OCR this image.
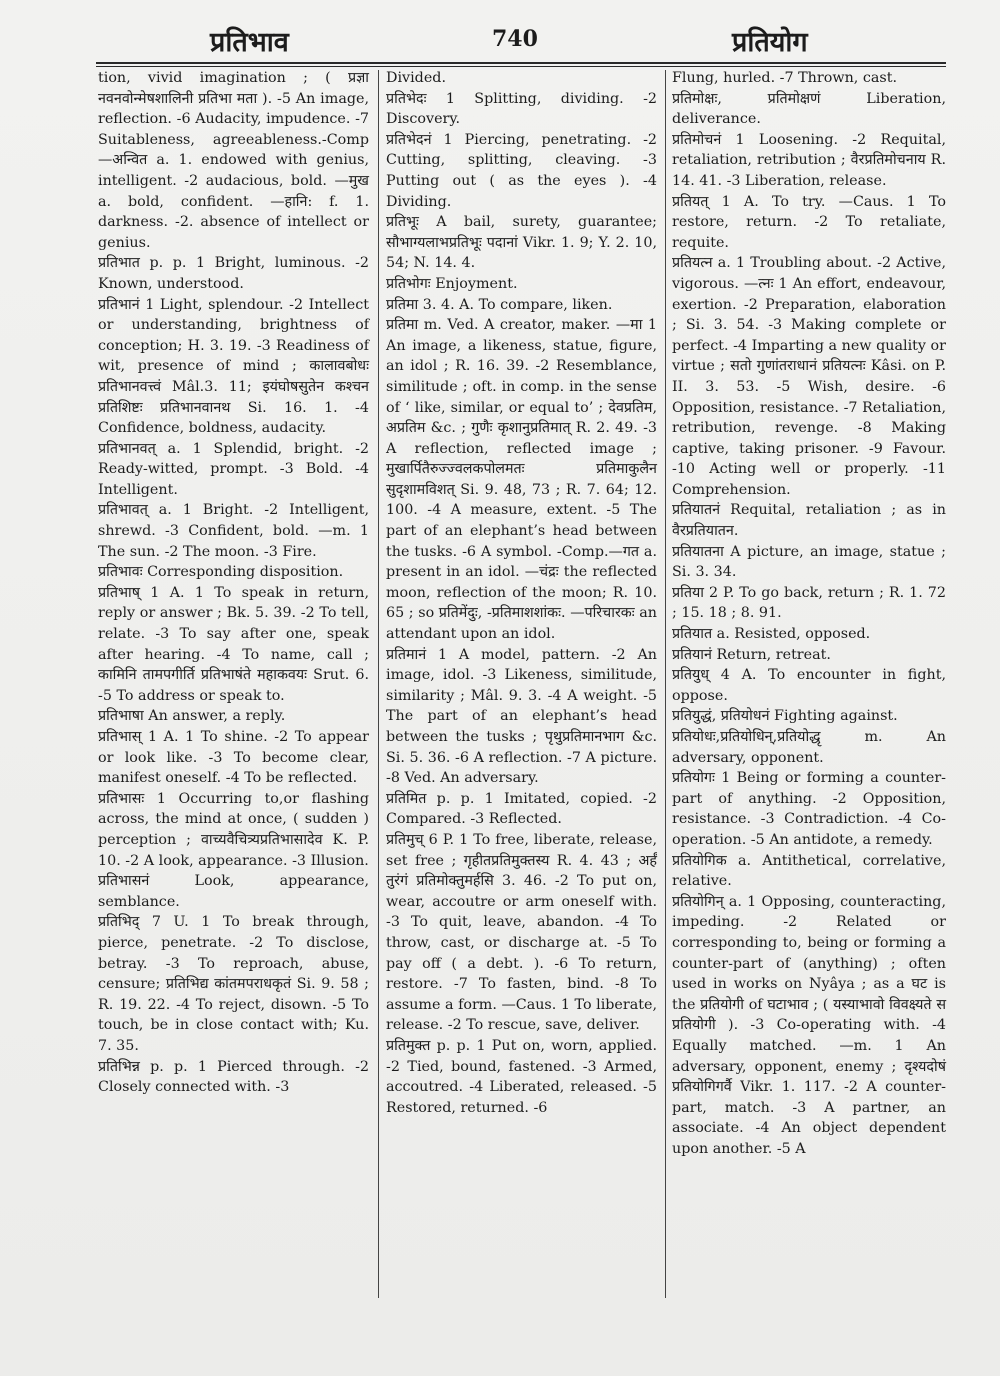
प्रतिभाव	740	प्रतियोग

tion, vivid imagination ; ( प्रज्ञा नवनवोन्मेषशालिनी प्रतिभा मता ). -5 An image, reflection. -6 Audacity, impudence. -7 Suitableness, agreeableness.-Comp —अन्वित a. 1. endowed with genius, intelligent. -2 audacious, bold. —मुख a. bold, confident. —हानि: f. 1. darkness. -2. absence of intellect or genius.

प्रतिभात p. p. 1 Bright, luminous. -2 Known, understood.

प्रतिभानं 1 Light, splendour. -2 Intellect or understanding, brightness of conception; H. 3. 19. -3 Readiness of wit, presence of mind ; कालावबोधः प्रतिभानवत्त्वं Mâl.3. 11; इयंघोषसुतेन कश्चन प्रतिशिष्टः प्रतिभानवानथ Si. 16. 1. -4 Confidence, boldness, audacity.

प्रतिभानवत् a. 1 Splendid, bright. -2 Ready-witted, prompt. -3 Bold. -4 Intelligent.

प्रतिभावत् a. 1 Bright. -2 Intelligent, shrewd. -3 Confident, bold. —m. 1 The sun. -2 The moon. -3 Fire.

प्रतिभावः Corresponding disposition.

प्रतिभाष् 1 A. 1 To speak in return, reply or answer ; Bk. 5. 39. -2 To tell, relate. -3 To say after one, speak after hearing. -4 To name, call ; कामिनि तामपगीर्ति प्रतिभाषंते महाकवयः Srut. 6. -5 To address or speak to.

प्रतिभाषा An answer, a reply.

प्रतिभास् 1 A. 1 To shine. -2 To appear or look like. -3 To become clear, manifest oneself. -4 To be reflected.

प्रतिभासः 1 Occurring to,or flashing across, the mind at once, ( sudden ) perception ; वाच्यवैचित्र्यप्रतिभासादेव K. P. 10. -2 A look, appearance. -3 Illusion.

प्रतिभासनं Look, appearance, semblance.

प्रतिभिद् 7 U. 1 To break through, pierce, penetrate. -2 To disclose, betray. -3 To reproach, abuse, censure; प्रतिभिद्य कांतमपराधकृतं Si. 9. 58 ; R. 19. 22. -4 To reject, disown. -5 To touch, be in close contact with; Ku. 7. 35.

प्रतिभिन्न p. p. 1 Pierced through. -2 Closely connected with. -3

Divided.

प्रतिभेदः 1 Splitting, dividing. -2 Discovery.

प्रतिभेदनं 1 Piercing, penetrating. -2 Cutting, splitting, cleaving. -3 Putting out ( as the eyes ). -4 Dividing.

प्रतिभूः A bail, surety, guarantee; सौभाग्यलाभप्रतिभूः पदानां Vikr. 1. 9; Y. 2. 10, 54; N. 14. 4.

प्रतिभोगः Enjoyment.

प्रतिमा 3. 4. A. To compare, liken.

प्रतिमा m. Ved. A creator, maker. —मा 1 An image, a likeness, statue, figure, an idol ; R. 16. 39. -2 Resemblance, similitude ; oft. in comp. in the sense of ‘ like, similar, or equal to’ ; देवप्रतिम, अप्रतिम &c. ; गुणैः कृशानुप्रतिमात् R. 2. 49. -3 A reflection, reflected image ; मुखार्पितैरुज्ज्वलकपोलमतः प्रतिमाकुलैन सुदृशामविशत् Si. 9. 48, 73 ; R. 7. 64; 12. 100. -4 A measure, extent. -5 The part of an elephant’s head between the tusks. -6 A symbol. -Comp.—गत a. present in an idol. —चंद्रः the reflected moon, reflection of the moon; R. 10. 65 ; so प्रतिमेंदुः, -प्रतिमाशशांकः. —परिचारकः an attendant upon an idol.

प्रतिमानं 1 A model, pattern. -2 An image, idol. -3 Likeness, similitude, similarity ; Mâl. 9. 3. -4 A weight. -5 The part of an elephant’s head between the tusks ; पृथुप्रतिमानभाग &c. Si. 5. 36. -6 A reflection. -7 A picture. -8 Ved. An adversary.

प्रतिमित p. p. 1 Imitated, copied. -2 Compared. -3 Reflected.

प्रतिमुच् 6 P. 1 To free, liberate, release, set free ; गृहीतप्रतिमुक्तस्य R. 4. 43 ; अर्हं तुरंगं प्रतिमोक्तुमर्हसि 3. 46. -2 To put on, wear, accoutre or arm oneself with. -3 To quit, leave, abandon. -4 To throw, cast, or discharge at. -5 To pay off ( a debt. ). -6 To return, restore. -7 To fasten, bind. -8 To assume a form. —Caus. 1 To liberate, release. -2 To rescue, save, deliver.

प्रतिमुक्त p. p. 1 Put on, worn, applied. -2 Tied, bound, fastened. -3 Armed, accoutred. -4 Liberated, released. -5 Restored, returned. -6

Flung, hurled. -7 Thrown, cast.

प्रतिमोक्षः, प्रतिमोक्षणं Liberation, deliverance.

प्रतिमोचनं 1 Loosening. -2 Requital, retaliation, retribution ; वैरप्रतिमोचनाय R. 14. 41. -3 Liberation, release.

प्रतियत् 1 A. To try. —Caus. 1 To restore, return. -2 To retaliate, requite.

प्रतियत्न a. 1 Troubling about. -2 Active, vigorous. —त्नः 1 An effort, endeavour, exertion. -2 Preparation, elaboration ; Si. 3. 54. -3 Making complete or perfect. -4 Imparting a new quality or virtue ; सतो गुणांतराधानं प्रतियत्नः Kâsi. on P. II. 3. 53. -5 Wish, desire. -6 Opposition, resistance. -7 Retaliation, retribution, revenge. -8 Making captive, taking prisoner. -9 Favour. -10 Acting well or properly. -11 Comprehension.

प्रतियातनं Requital, retaliation ; as in वैरप्रतियातन.

प्रतियातना A picture, an image, statue ; Si. 3. 34.

प्रतिया 2 P. To go back, return ; R. 1. 72 ; 15. 18 ; 8. 91.

प्रतियात a. Resisted, opposed.

प्रतियानं Return, retreat.

प्रतियुध् 4 A. To encounter in fight, oppose.

प्रतियुद्धं, प्रतियोधनं Fighting against.

प्रतियोधः,प्रतियोधिन्,प्रतियोद्धृ m. An adversary, opponent.

प्रतियोगः 1 Being or forming a counter-part of anything. -2 Opposition, resistance. -3 Contradiction. -4 Co-operation. -5 An antidote, a remedy.

प्रतियोगिक a. Antithetical, correlative, relative.

प्रतियोगिन् a. 1 Opposing, counteracting, impeding. -2 Related or corresponding to, being or forming a counter-part of (anything) ; often used in works on Nyâya ; as a घट is the प्रतियोगी of घटाभाव ; ( यस्याभावो विवक्ष्यते स प्रतियोगी ). -3 Co-operating with. -4 Equally matched. —m. 1 An adversary, opponent, enemy ; दृश्यदोषं प्रतियोगिगर्वै Vikr. 1. 117. -2 A counter-part, match. -3 A partner, an associate. -4 An object dependent upon another. -5 A
